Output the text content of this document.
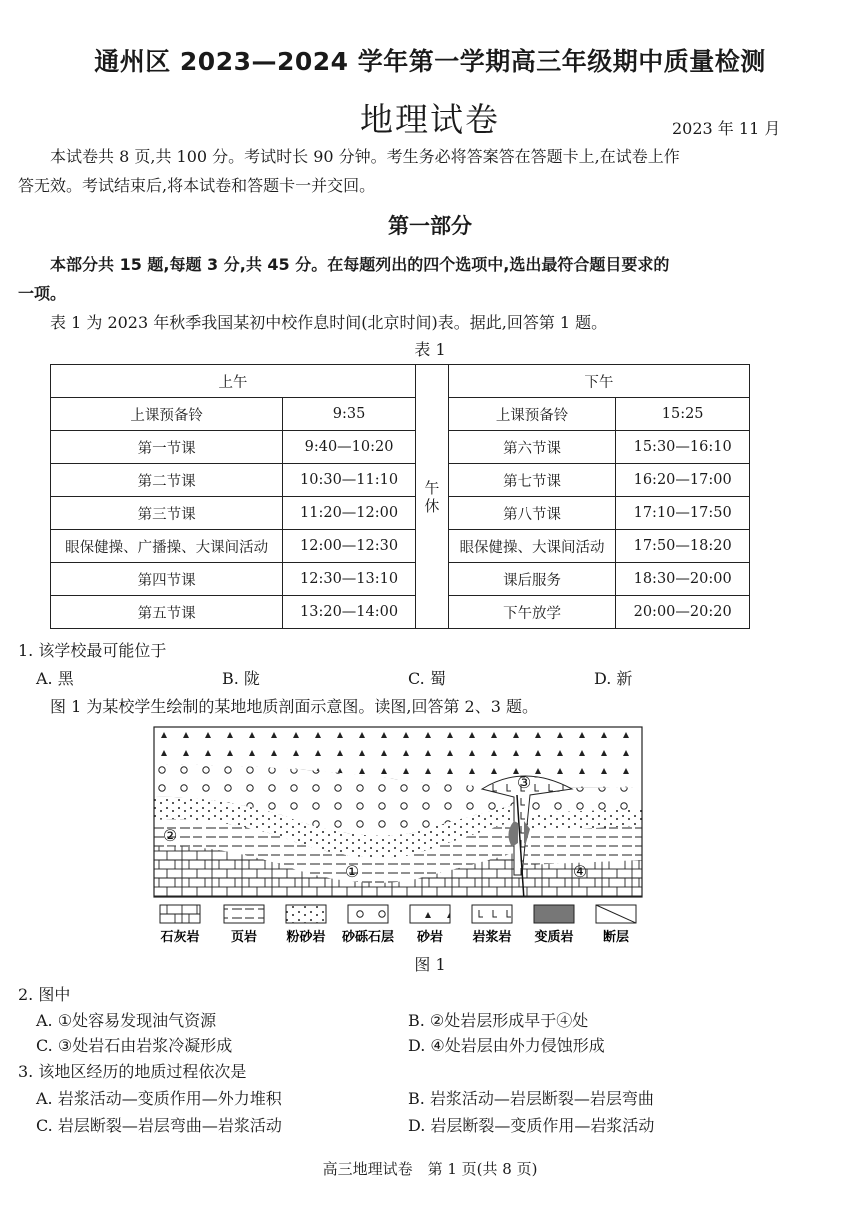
通州区 2023—2024 学年第一学期高三年级期中质量检测
地理试卷	2023 年 11 月
本试卷共 8 页,共 100 分。考试时长 90 分钟。考生务必将答案答在答题卡上,在试卷上作
答无效。考试结束后,将本试卷和答题卡一并交回。
第一部分
本部分共 15 题,每题 3 分,共 45 分。在每题列出的四个选项中,选出最符合题目要求的
一项。
表 1 为 2023 年秋季我国某初中校作息时间(北京时间)表。据此,回答第 1 题。
表 1
上午		午休	下午	
上课预备铃	9:35		上课预备铃	15:25
第一节课	9:40—10:20		第六节课	15:30—16:10
第二节课	10:30—11:10		第七节课	16:20—17:00
第三节课	11:20—12:00		第八节课	17:10—17:50
眼保健操、广播操、大课间活动	12:00—12:30		眼保健操、大课间活动	17:50—18:20
第四节课	12:30—13:10		课后服务	18:30—20:00
第五节课	13:20—14:00		下午放学	20:00—20:20
1. 该学校最可能位于
A. 黑	B. 陇	C. 蜀	D. 新
图 1 为某校学生绘制的某地地质剖面示意图。读图,回答第 2、3 题。
①
②
③
④
石灰岩 页岩 粉砂岩 砂砾石层 砂岩 岩浆岩 变质岩 断层
图 1
2. 图中
A. ①处容易发现油气资源	B. ②处岩层形成早于④处
C. ③处岩石由岩浆冷凝形成	D. ④处岩层由外力侵蚀形成
3. 该地区经历的地质过程依次是
A. 岩浆活动—变质作用—外力堆积	B. 岩浆活动—岩层断裂—岩层弯曲
C. 岩层断裂—岩层弯曲—岩浆活动	D. 岩层断裂—变质作用—岩浆活动
高三地理试卷　第 1 页(共 8 页)
